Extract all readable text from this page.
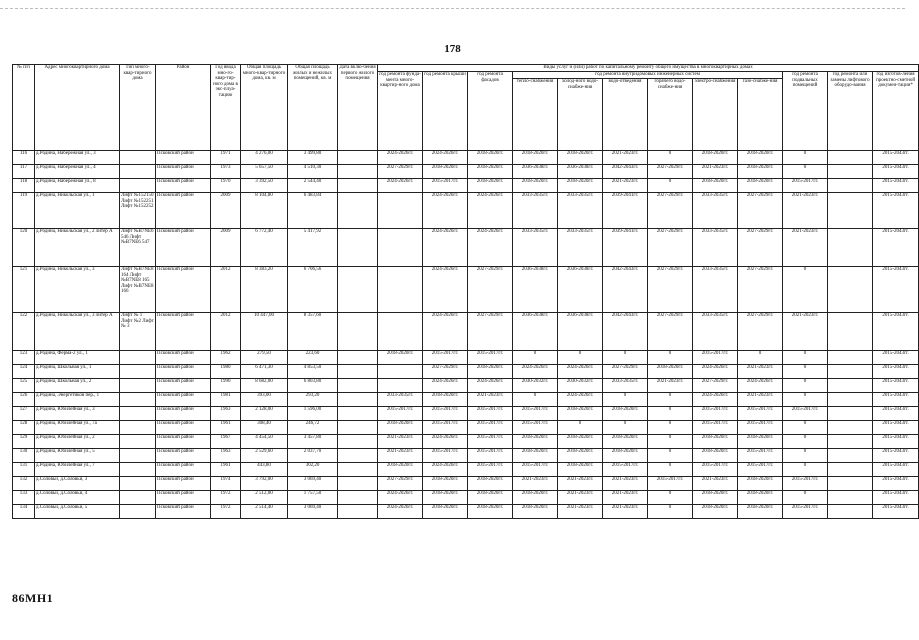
178
№ п/п	Адрес многоквартирного дома	Тип много-квар-тирного дома	Район	Год ввода мно-го-квар-тир-ного дома в экс-плуа-тацию	Общая площадь много-квар-тирного дома, кв. м	Общая площадь жилых и нежилых помещений, кв. м	Дата вклю-чения первого жилого помещения	Виды услуг и (или) работ по капитальному ремонту общего имущества в многоквартирных домах											
								год ремонта фунда-мента много-квартир-ного дома	год ремонта крыши	год ремонта фасадов	год ремонта внутридомовых инженерных систем						год ремонта подвальных помещений	год ремонта или замены лифтового оборудо-вания	год изготов-ления проектно-сметной докумен-тации*
											тепло-снабжения	холод-ного водо-снабже-ния	водо-отведения	горячего водо-снабже-ния	электро-снабжения	газо-снабже-ния			
116	д.Родина, Набережная ул., 3		Псковский район	1971	4 276,00	3 499,80		2024-2026гг.	2024-2026гг.	2018-2020гг.	2018-2020гг.	2018-2020гг.	2021-2023гг.	0	2018-2020гг.	2018-2020гг.	0		2015-2043гг.
117	д.Родина, Набережная ул., 4		Псковский район	1973	5 657,50	4 510,30		2027-2029гг.	2018-2020гг.	2018-2020гг.	2036-2038гг.	2036-2038гг.	2042-2043гг.	2027-2029гг.	2021-2023гг.	2018-2020гг.	0		2015-2043гг.
118	д.Родина, Набережная ул., 8		Псковский район	1970	3 392,50	2 544,40		2024-2026гг.	2015-2017гг.	2018-2020гг.	2018-2020гг.	2018-2020гг.	2021-2023гг.	0	2018-2020гг.	2018-2020гг.	2015-2017гг.		2015-2043гг.
119	д.Родина, Никольская ул., 1	Лифт №152150 Лифт №152251 Лифт №152252	Псковский район	2009	8 104,80	6 483,84			2024-2026гг.	2024-2026гг.	2033-2035гг.	2033-2035гг.	2039-2041гг.	2027-2029гг.	2033-2035гг.	2027-2029гг.	2021-2023гг.		2015-2043гг.
120	д.Родина, Никольская ул., 2 литер А	Лифт №В7NE6 546 Лифт №В7NE6 547	Псковский район	2009	6 772,40	5 417,92			2024-2026гг.	2024-2026гг.	2033-2035гг.	2033-2035гг.	2039-2041гг.	2027-2029гг.	2033-2035гг.	2027-2029гг.	2021-2023гг.		2015-2043гг.
121	д.Родина, Никольская ул., 3	Лифт №В7NE8 164 Лифт №В7NE8 165 Лифт №В7NE8 166	Псковский район	2012	8 383,20	6 706,56			2024-2026гг.	2027-2029гг.	2036-2038гг.	2036-2038гг.	2042-2043гг.	2027-2029гг.	2033-2035гг.	2027-2029гг.	0		2015-2043гг.
122	д.Родина, Никольская ул., 3 литер А	Лифт № 1 Лифт №2 Лифт № 3	Псковский район	2012	10 447,00	8 357,60			2024-2026гг.	2027-2029гг.	2036-2038гг.	2036-2038гг.	2042-2043гг.	2027-2029гг.	2033-2035гг.	2027-2029гг.	2021-2023гг.		2015-2043гг.
123	д.Родина, Ферма-2 ул., 1		Псковский район	1962	279,50	223,60		2018-2020гг.	2015-2017гг.	2015-2017гг.	0	0	0	0	2015-2017гг.	0	0		2015-2043гг.
124	д.Родина, Школьная ул., 1		Псковский район	1980	6 471,30	4 853,50			2027-2029гг.	2018-2020гг.	2024-2026гг.	2024-2026гг.	2027-2029гг.	2018-2020гг.	2024-2026гг.	2021-2023гг.	0		2015-2043гг.
125	д.Родина, Школьная ул., 2		Псковский район	1990	8 682,00	6 803,80			2024-2026гг.	2024-2026гг.	2030-2032гг.	2030-2032гг.	2033-2035гг.	2021-2023гг.	2027-2029гг.	2024-2026гг.	0		2015-2043гг.
126	д.Родина, Энергетиков пер., 1		Псковский район	1981	393,00	293,20		2033-2035гг.	2018-2020гг.	2021-2023гг.	0	2024-2026гг.	0	0	2024-2026гг.	2021-2023гг.	0		2015-2043гг.
127	д.Родина, Юбилейная ул., 3		Псковский район	1963	2 128,00	1 596,00		2015-2017гг.	2015-2017гг.	2015-2017гг.	2015-2017гг.	2018-2020гг.	2018-2020гг.	0	2015-2017гг.	2015-2017гг.	2015-2017гг.		2015-2043гг.
128	д.Родина, Юбилейная ул., 7а		Псковский район	1961	308,40	246,72		2018-2020гг.	2015-2017гг.	2015-2017гг.	2015-2017гг.	0	0	0	2015-2017гг.	2015-2017гг.	0		2015-2043гг.
129	д.Родина, Юбилейная ул., 2		Псковский район	1967	4 454,50	3 457,80		2021-2023гг.	2024-2026гг.	2015-2017гг.	2018-2020гг.	2018-2020гг.	2018-2020гг.	0	2018-2020гг.	2018-2020гг.	0		2015-2043гг.
130	д.Родина, Юбилейная ул., 5		Псковский район	1963	2 529,60	2 037,70		2021-2023гг.	2015-2017гг.	2015-2017гг.	2018-2020гг.	2018-2020гг.	2018-2020гг.	0	2018-2020гг.	2015-2017гг.	0		2015-2043гг.
131	д.Родина, Юбилейная ул., 7		Псковский район	1961	443,80	302,20		2018-2020гг.	2024-2026гг.	2015-2017гг.	2015-2017гг.	2018-2020гг.	2015-2017гг.	0	2015-2017гг.	2015-2017гг.	0		2015-2043гг.
132	д.Соловьи, д.Соловьи, 3		Псковский район	1974	3 792,00	3 069,40		2027-2029гг.	2018-2020гг.	2018-2020гг.	2021-2023гг.	2021-2023гг.	2021-2023гг.	2015-2017гг.	2021-2023гг.	2018-2020гг.	2015-2017гг.		2015-2043гг.
133	д.Соловьи, д.Соловьи, 4		Псковский район	1972	2 512,00	1 757,50		2024-2026гг.	2018-2020гг.	2018-2020гг.	2018-2020гг.	2021-2023гг.	2021-2023гг.	0	2018-2020гг.	2018-2020гг.	0		2015-2043гг.
134	д.Соловьи, д.Соловьи, 5		Псковский район	1972	2 514,40	3 069,40		2024-2026гг.	2018-2020гг.	2018-2020гг.	2018-2020гг.	2021-2023гг.	2021-2023гг.	0	2018-2020гг.	2018-2020гг.	2015-2017гг.		2015-2043гг.
86МН1
